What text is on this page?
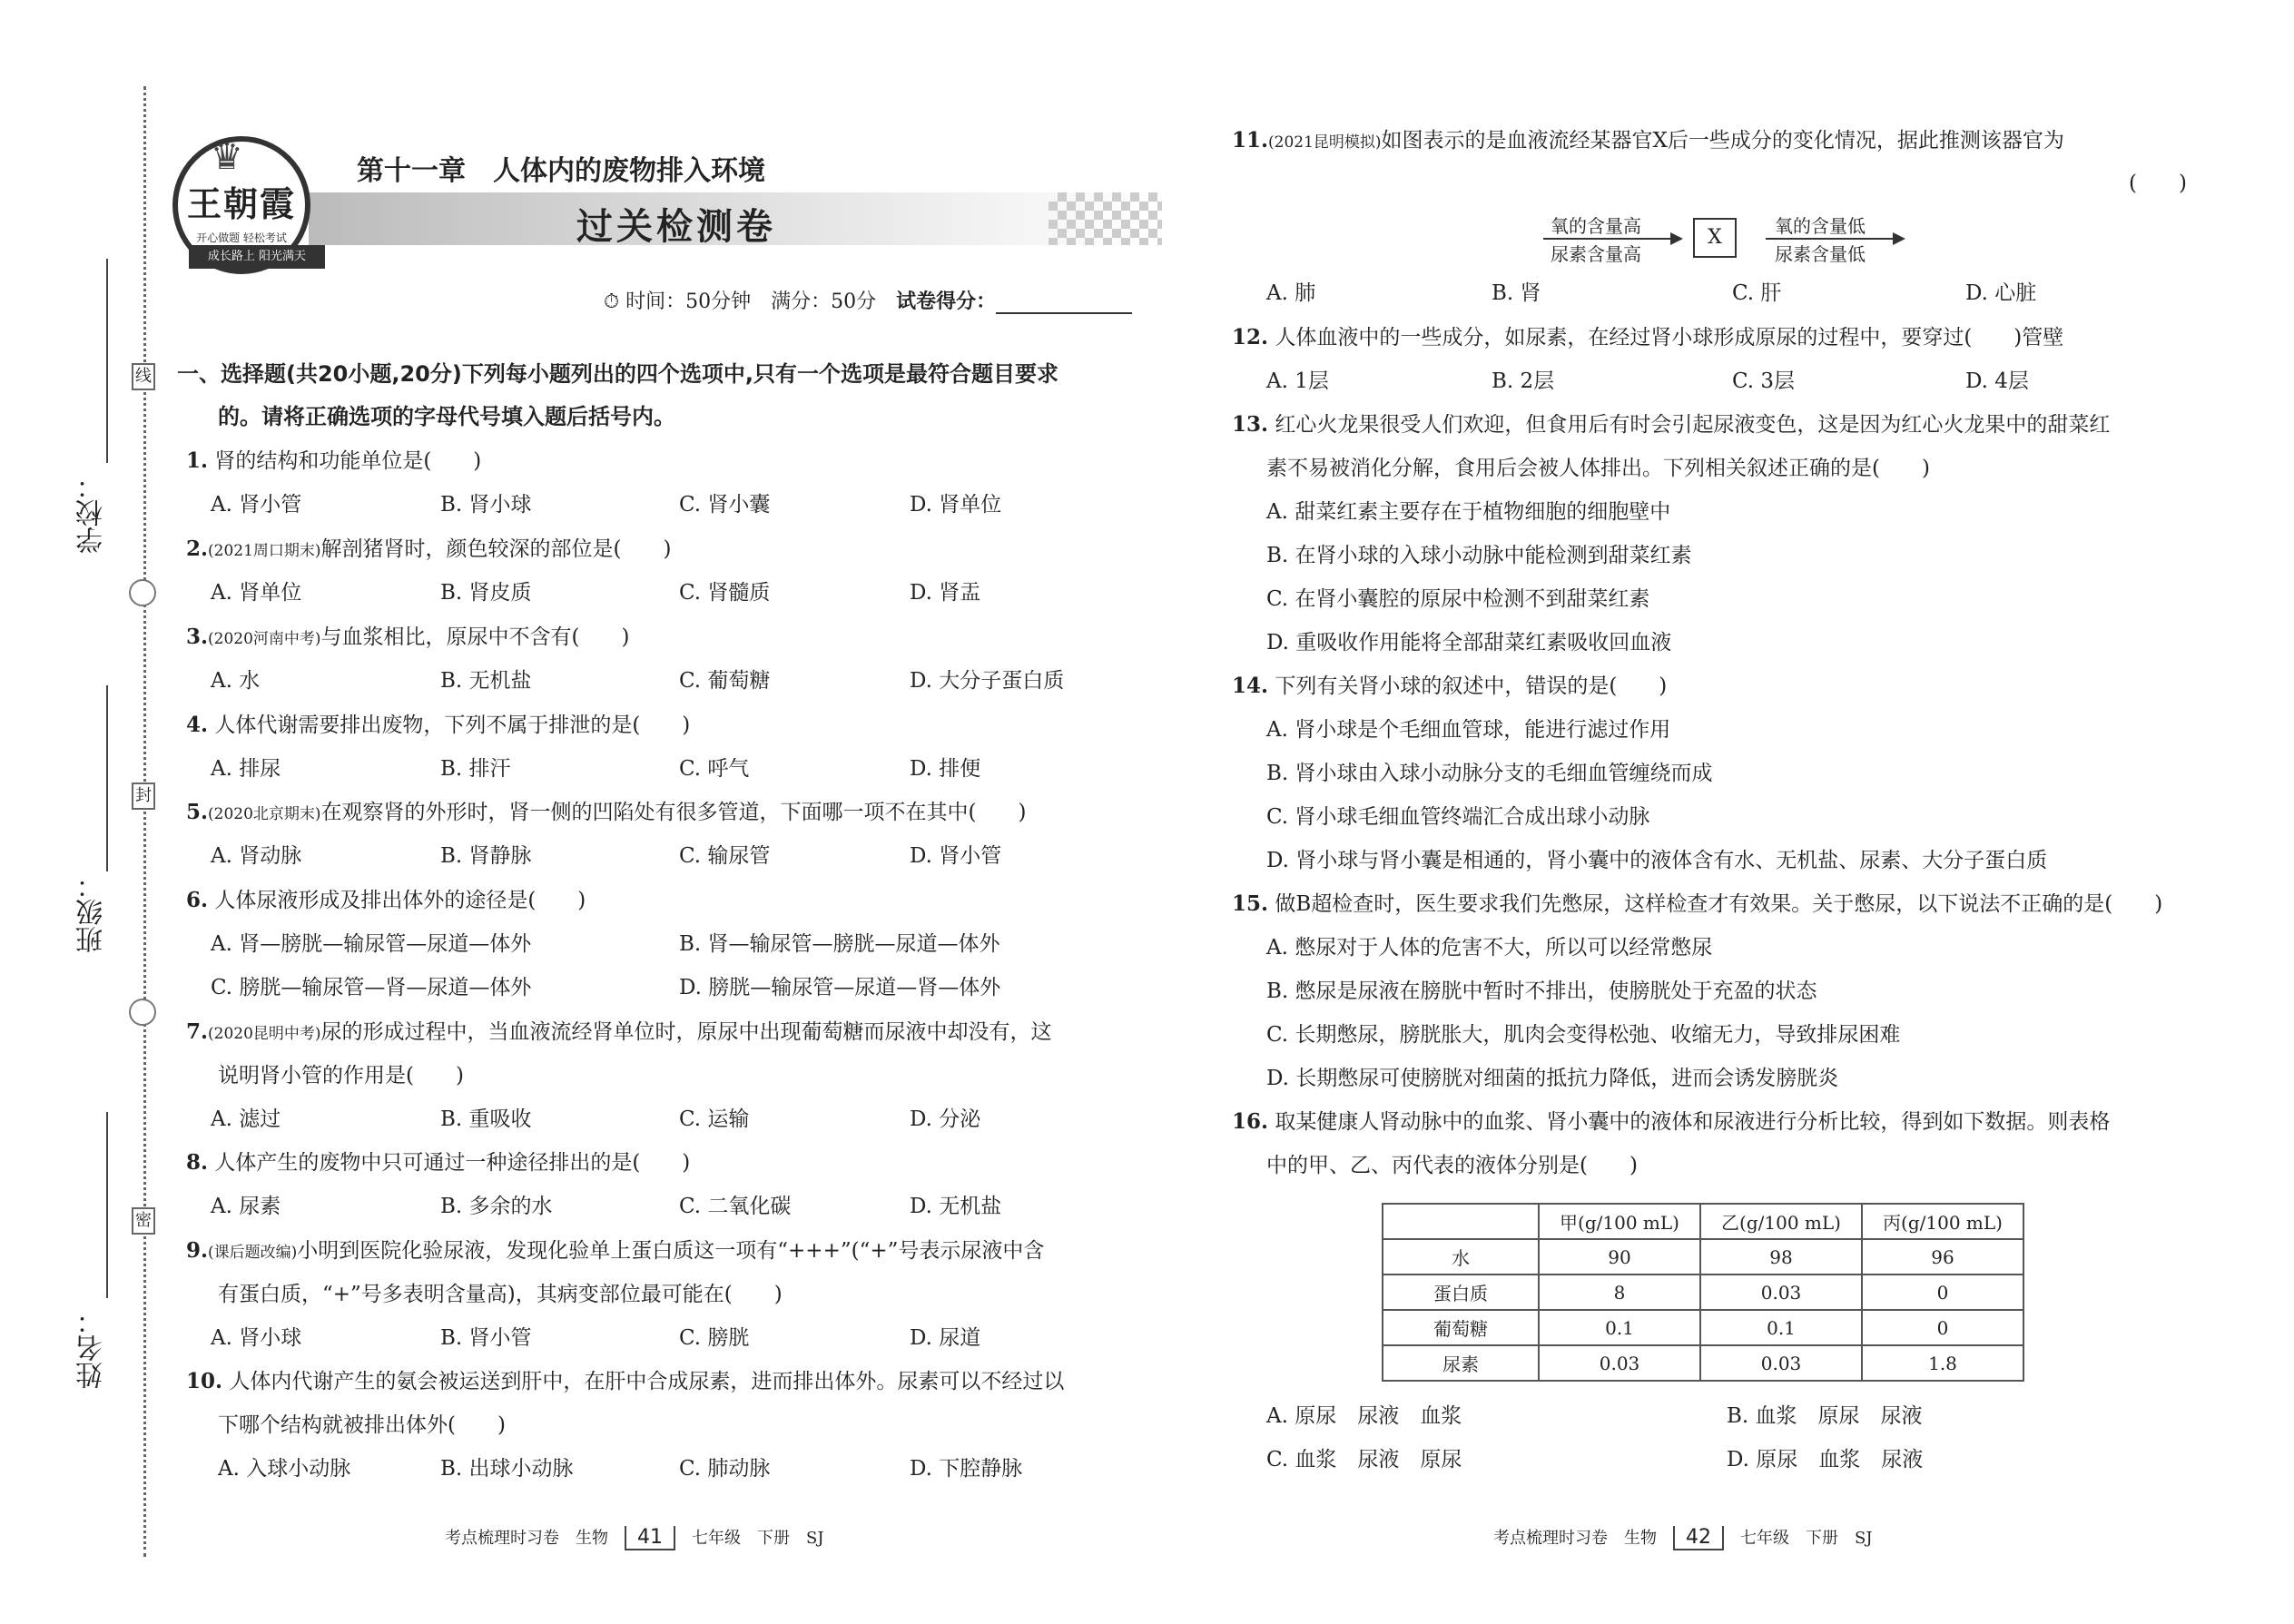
线
封
密
学校：
班级：
姓名：
王朝霞
开心做题 轻松考试
♛
成长路上 阳光满天
第十一章　人体内的废物排入环境
过关检测卷
⏱ 时间：50分钟　满分：50分　 试卷得分：
一、选择题(共20小题,20分)下列每小题列出的四个选项中,只有一个选项是最符合题目要求
的。请将正确选项的字母代号填入题后括号内。
1. 肾的结构和功能单位是(　　)
A. 肾小管	B. 肾小球	C. 肾小囊	D. 肾单位
2.(2021周口期末)解剖猪肾时，颜色较深的部位是(　　)
A. 肾单位	B. 肾皮质	C. 肾髓质	D. 肾盂
3.(2020河南中考)与血浆相比，原尿中不含有(　　)
A. 水	B. 无机盐	C. 葡萄糖	D. 大分子蛋白质
4. 人体代谢需要排出废物，下列不属于排泄的是(　　)
A. 排尿	B. 排汗	C. 呼气	D. 排便
5.(2020北京期末)在观察肾的外形时，肾一侧的凹陷处有很多管道，下面哪一项不在其中(　　)
A. 肾动脉	B. 肾静脉	C. 输尿管	D. 肾小管
6. 人体尿液形成及排出体外的途径是(　　)
A. 肾—膀胱—输尿管—尿道—体外	B. 肾—输尿管—膀胱—尿道—体外
C. 膀胱—输尿管—肾—尿道—体外	D. 膀胱—输尿管—尿道—肾—体外
7.(2020昆明中考)尿的形成过程中，当血液流经肾单位时，原尿中出现葡萄糖而尿液中却没有，这
说明肾小管的作用是(　　)
A. 滤过	B. 重吸收	C. 运输	D. 分泌
8. 人体产生的废物中只可通过一种途径排出的是(　　)
A. 尿素	B. 多余的水	C. 二氧化碳	D. 无机盐
9.(课后题改编)小明到医院化验尿液，发现化验单上蛋白质这一项有“+++”(“+”号表示尿液中含
有蛋白质，“+”号多表明含量高)，其病变部位最可能在(　　)
A. 肾小球	B. 肾小管	C. 膀胱	D. 尿道
10. 人体内代谢产生的氨会被运送到肝中，在肝中合成尿素，进而排出体外。尿素可以不经过以
下哪个结构就被排出体外(　　)
A. 入球小动脉	B. 出球小动脉	C. 肺动脉	D. 下腔静脉
11.(2021昆明模拟)如图表示的是血液流经某器官X后一些成分的变化情况，据此推测该器官为
(　　)
氧的含量高
尿素含量高
X	氧的含量低
尿素含量低
A. 肺	B. 肾	C. 肝	D. 心脏
12. 人体血液中的一些成分，如尿素，在经过肾小球形成原尿的过程中，要穿过(　　)管壁
A. 1层	B. 2层	C. 3层	D. 4层
13. 红心火龙果很受人们欢迎，但食用后有时会引起尿液变色，这是因为红心火龙果中的甜菜红
素不易被消化分解，食用后会被人体排出。下列相关叙述正确的是(　　)
A. 甜菜红素主要存在于植物细胞的细胞壁中
B. 在肾小球的入球小动脉中能检测到甜菜红素
C. 在肾小囊腔的原尿中检测不到甜菜红素
D. 重吸收作用能将全部甜菜红素吸收回血液
14. 下列有关肾小球的叙述中，错误的是(　　)
A. 肾小球是个毛细血管球，能进行滤过作用
B. 肾小球由入球小动脉分支的毛细血管缠绕而成
C. 肾小球毛细血管终端汇合成出球小动脉
D. 肾小球与肾小囊是相通的，肾小囊中的液体含有水、无机盐、尿素、大分子蛋白质
15. 做B超检查时，医生要求我们先憋尿，这样检查才有效果。关于憋尿，以下说法不正确的是(　　)
A. 憋尿对于人体的危害不大，所以可以经常憋尿
B. 憋尿是尿液在膀胱中暂时不排出，使膀胱处于充盈的状态
C. 长期憋尿，膀胱胀大，肌肉会变得松弛、收缩无力，导致排尿困难
D. 长期憋尿可使膀胱对细菌的抵抗力降低，进而会诱发膀胱炎
16. 取某健康人肾动脉中的血浆、肾小囊中的液体和尿液进行分析比较，得到如下数据。则表格
中的甲、乙、丙代表的液体分别是(　　)
	甲(g/100 mL)	乙(g/100 mL)	丙(g/100 mL)
水	90	98	96
蛋白质	8	0.03	0
葡萄糖	0.1	0.1	0
尿素	0.03	0.03	1.8
A. 原尿　尿液　血浆	B. 血浆　原尿　尿液
C. 血浆　尿液　原尿	D. 原尿　血浆　尿液
考点梳理时习卷　生物　 41　 七年级　下册　SJ	考点梳理时习卷　生物　 42　 七年级　下册　SJ
